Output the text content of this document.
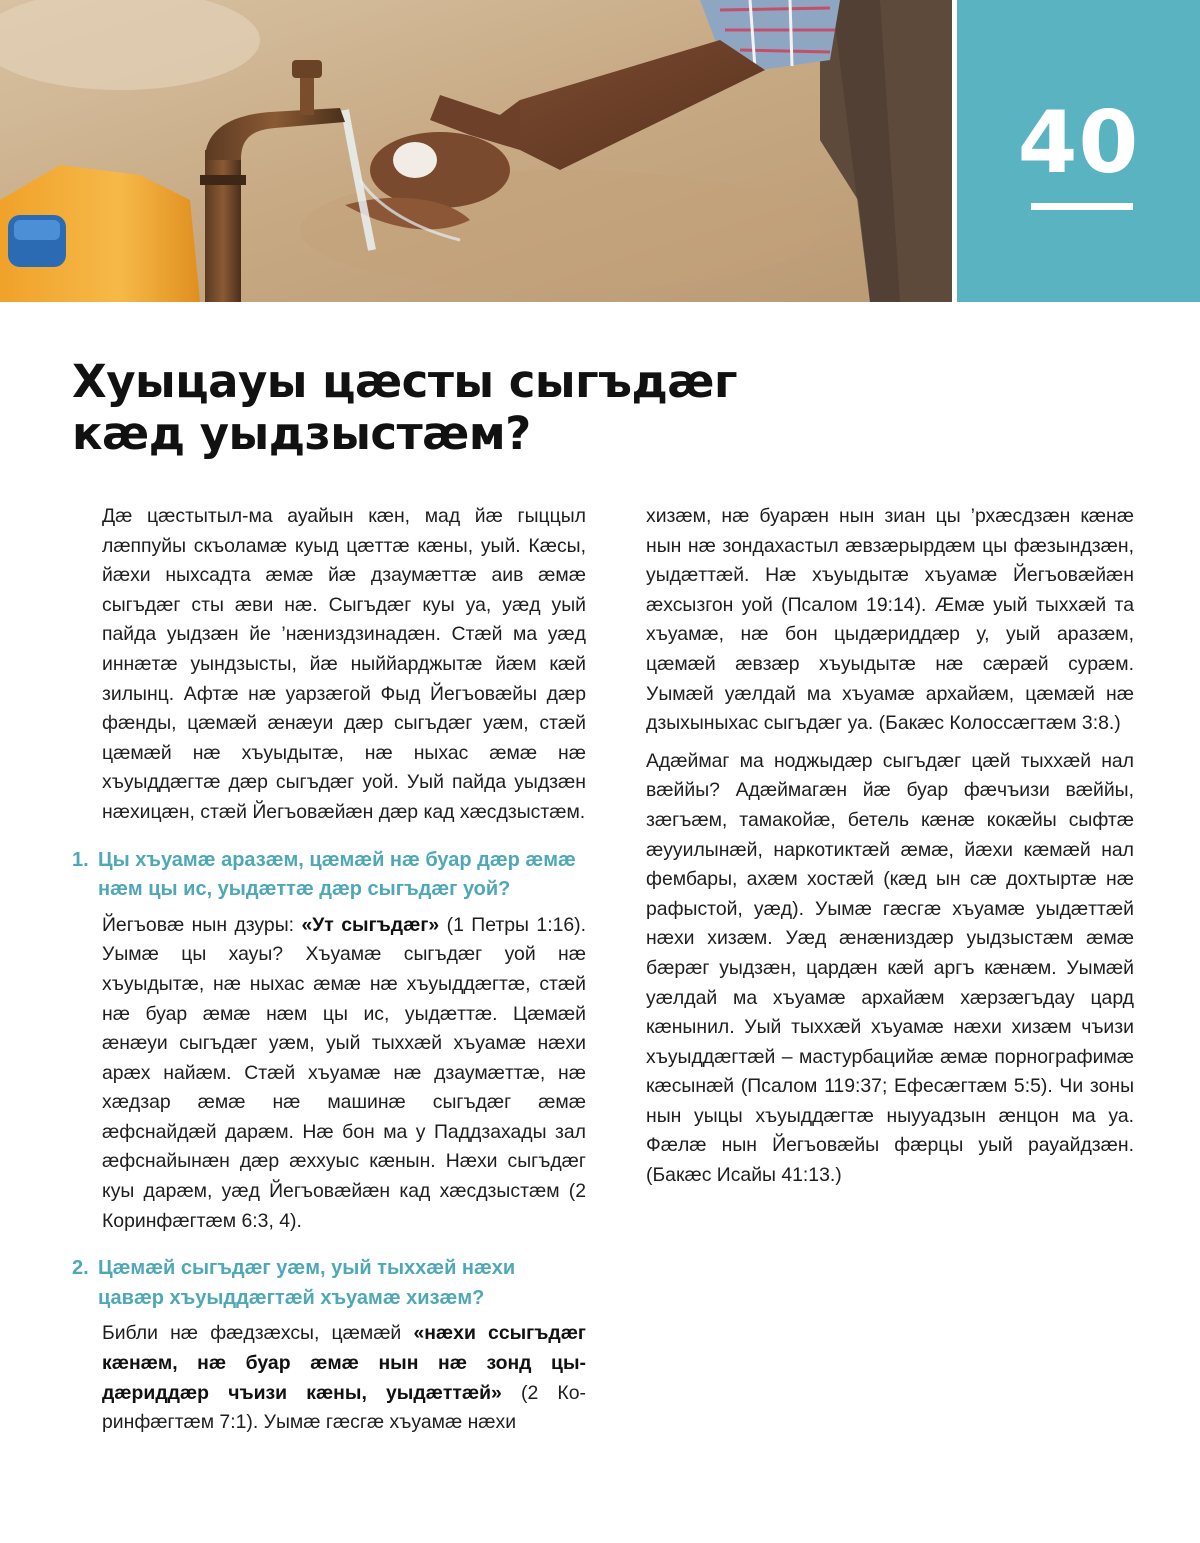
40
Хуыцауы цæсты сыгъдæг кæд уыдзыстæм?

Дæ цæстытыл-ма ауайын кæн, мад йæ гыццыл лæппуйы скъоламæ куыд цæттæ кæны, уый. Кæсы, йæхи ныхсадта æмæ йæ дзаумæттæ аив æмæ сыгъдæг сты æви нæ. Сыгъдæг куы уа, уæд уый пайда уыдзæн йе ’нæниздзинадæн. Стæй ма уæд иннæтæ уындзысты, йæ ныййарджытæ йæм кæй зилынц. Афтæ нæ уарзæгой Фыд Йегъовæйы дæр фæнды, цæмæй æнæуи дæр сыгъдæг уæм, стæй цæмæй нæ хъуыдытæ, нæ ныхас æмæ нæ хъуыддæгтæ дæр сыгъдæг уой. Уый пайда уыдзæн нæхицæн, стæй Йегъовæйæн дæр кад хæсдзыстæм.

1. Цы хъуамæ аразæм, цæмæй нæ буар дæр æмæ нæм цы ис, уыдæттæ дæр сыгъдæг уой?

Йегъовæ нын дзуры: «Ут сыгъдæг» (1 Петры 1:16). Уымæ цы хауы? Хъуамæ сыгъдæг уой нæ хъуыдытæ, нæ ныхас æмæ нæ хъуыддæгтæ, стæй нæ буар æмæ нæм цы ис, уыдæттæ. Цæмæй æнæуи сыгъдæг уæм, уый тыххæй хъуамæ нæхи арæх найæм. Стæй хъуамæ нæ дзаумæттæ, нæ хæдзар æмæ нæ машинæ сыгъдæг æмæ æфснайдæй дарæм. Нæ бон ма у Паддзахады зал æфснайынæн дæр æххуыс кæнын. Нæхи сыгъдæг куы дарæм, уæд Йегъовæйæн кад хæсдзыстæм (2 Коринфæгтæм 6:3, 4).

2. Цæмæй сыгъдæг уæм, уый тыххæй нæхи цавæр хъуыддæгтæй хъуамæ хизæм?

Библи нæ фæдзæхсы, цæмæй «нæхи ссыгъдæг кæнæм, нæ буар æмæ нын нæ зонд цыдæриддæр чъизи кæны, уыдæттæй» (2 Коринфæгтæм 7:1). Уымæ гæсгæ хъуамæ нæхи

хизæм, нæ буарæн нын зиан цы ’рхæсдзæн кæнæ нын нæ зондахастыл æвзæрырдæм цы фæзындзæн, уыдæттæй. Нæ хъуыдытæ хъуамæ Йегъовæйæн æхсызгон уой (Псалом 19:14). Æмæ уый тыххæй та хъуамæ, нæ бон цыдæриддæр у, уый аразæм, цæмæй æвзæр хъуыдытæ нæ сæрæй сурæм. Уымæй уæлдай ма хъуамæ архайæм, цæмæй нæ дзыхыныхас сыгъдæг уа. (Бакæс Колоссæгтæм 3:8.)

Адæймаг ма ноджыдæр сыгъдæг цæй тыххæй нал вæййы? Адæймагæн йæ буар фæчъизи вæййы, зæгъæм, тамакойæ, бетель кæнæ кокæйы сыфтæ æууилынæй, наркотиктæй æмæ, йæхи кæмæй нал фембары, ахæм хостæй (кæд ын сæ дохтыртæ нæ рафыстой, уæд). Уымæ гæсгæ хъуамæ уыдæттæй нæхи хизæм. Уæд æнæниздæр уыдзыстæм æмæ бæрæг уыдзæн, цардæн кæй аргъ кæнæм. Уымæй уæлдай ма хъуамæ архайæм хæрзæгъдау цард кæнынил. Уый тыххæй хъуамæ нæхи хизæм чъизи хъуыддæгтæй – мастурбацийæ æмæ порнографимæ кæсынæй (Псалом 119:37; Ефесæгтæм 5:5). Чи зоны нын уыцы хъуыддæгтæ ныууадзын æнцон ма уа. Фæлæ нын Йегъовæйы фæрцы уый рауайдзæн. (Бакæс Исайы 41:13.)
